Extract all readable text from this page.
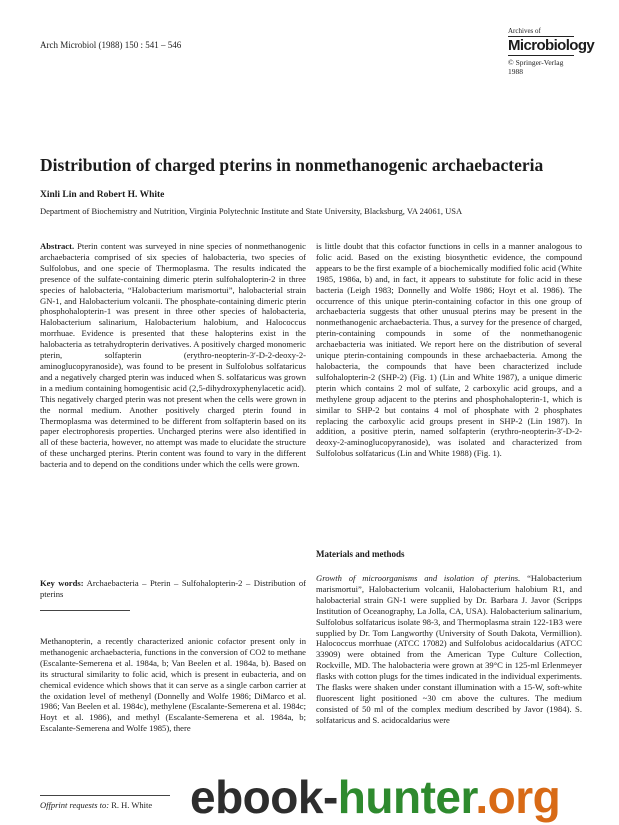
Arch Microbiol (1988) 150 : 541 – 546
Archives of
Microbiology
© Springer-Verlag 1988
Distribution of charged pterins in nonmethanogenic archaebacteria
Xinli Lin and Robert H. White
Department of Biochemistry and Nutrition, Virginia Polytechnic Institute and State University, Blacksburg, VA 24061, USA
Abstract. Pterin content was surveyed in nine species of nonmethanogenic archaebacteria comprised of six species of halobacteria, two species of Sulfolobus, and one specie of Thermoplasma. The results indicated the presence of the sulfate-containing dimeric pterin sulfohalopterin-2 in three species of halobacteria, “Halobacterium marismortui”, halobacterial strain GN-1, and Halobacterium volcanii. The phosphate-containing dimeric pterin phosphohalopterin-1 was present in three other species of halobacteria, Halobacterium salinarium, Halobacterium halobium, and Halococcus morrhuae. Evidence is presented that these halopterins exist in the halobacteria as tetrahydropterin derivatives. A positively charged monomeric pterin, solfapterin (erythro-neopterin-3′-D-2-deoxy-2-aminoglucopyranoside), was found to be present in Sulfolobus solfataricus and a negatively charged pterin was induced when S. solfataricus was grown in a medium containing homogentisic acid (2,5-dihydroxyphenylacetic acid). This negatively charged pterin was not present when the cells were grown in the normal medium. Another positively charged pterin found in Thermoplasma was determined to be different from solfapterin based on its paper electrophoresis properties. Uncharged pterins were also identified in all of these bacteria, however, no attempt was made to elucidate the structure of these uncharged pterins. Pterin content was found to vary in the different bacteria and to depend on the conditions under which the cells were grown.
Key words: Archaebacteria – Pterin – Sulfohalopterin-2 – Distribution of pterins
Methanopterin, a recently characterized anionic cofactor present only in methanogenic archaebacteria, functions in the conversion of CO2 to methane (Escalante-Semerena et al. 1984a, b; Van Beelen et al. 1984a, b). Based on its structural similarity to folic acid, which is present in eubacteria, and on chemical evidence which shows that it can serve as a single carbon carrier at the oxidation level of methenyl (Donnelly and Wolfe 1986; DiMarco et al. 1986; Van Beelen et al. 1984c), methylene (Escalante-Semerena et al. 1984c; Hoyt et al. 1986), and methyl (Escalante-Semerena et al. 1984a, b; Escalante-Semerena and Wolfe 1985), there
Offprint requests to: R. H. White
is little doubt that this cofactor functions in cells in a manner analogous to folic acid. Based on the existing biosynthetic evidence, the compound appears to be the first example of a biochemically modified folic acid (White 1985, 1986a, b) and, in fact, it appears to substitute for folic acid in these bacteria (Leigh 1983; Donnelly and Wolfe 1986; Hoyt et al. 1986). The occurrence of this unique pterin-containing cofactor in this one group of archaebacteria suggests that other unusual pterins may be present in the nonmethanogenic archaebacteria. Thus, a survey for the presence of charged, pterin-containing compounds in some of the nonmethanogenic archaebacteria was initiated. We report here on the distribution of several unique pterin-containing compounds in these archaebacteria. Among the halobacteria, the compounds that have been characterized include sulfohalopterin-2 (SHP-2) (Fig. 1) (Lin and White 1987), a unique dimeric pterin which contains 2 mol of sulfate, 2 carboxylic acid groups, and a methylene group adjacent to the pterins and phosphohalopterin-1, which is similar to SHP-2 but contains 4 mol of phosphate with 2 phosphates replacing the carboxylic acid groups present in SHP-2 (Lin 1987). In addition, a positive pterin, named solfapterin (erythro-neopterin-3′-D-2-deoxy-2-aminoglucopyranoside), was isolated and characterized from Sulfolobus solfataricus (Lin and White 1988) (Fig. 1).
Materials and methods
Growth of microorganisms and isolation of pterins. “Halobacterium marismortui”, Halobacterium volcanii, Halobacterium halobium R1, and halobacterial strain GN-1 were supplied by Dr. Barbara J. Javor (Scripps Institution of Oceanography, La Jolla, CA, USA). Halobacterium salinarium, Sulfolobus solfataricus isolate 98-3, and Thermoplasma strain 122-1B3 were supplied by Dr. Tom Langworthy (University of South Dakota, Vermillion). Halococcus morrhuae (ATCC 17082) and Sulfolobus acidocaldarius (ATCC 33909) were obtained from the American Type Culture Collection, Rockville, MD. The halobacteria were grown at 39°C in 125-ml Erlenmeyer flasks with cotton plugs for the times indicated in the individual experiments. The flasks were shaken under constant illumination with a 15-W, soft-white fluorescent light positioned ~30 cm above the cultures. The medium consisted of 50 ml of the complex medium described by Javor (1984). S. solfataricus and S. acidocaldarius were
ebook-hunter.org
